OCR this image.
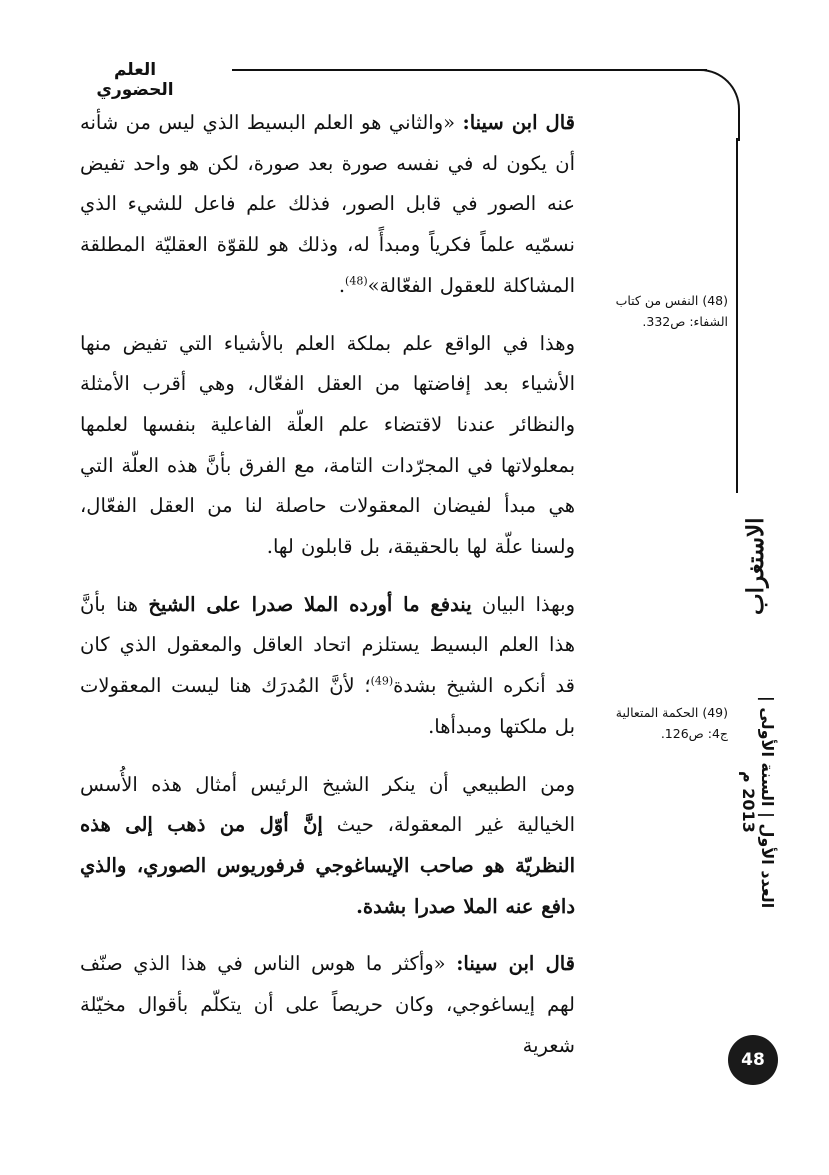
العلم الحضوري

قال ابن سينا: «والثاني هو العلم البسيط الذي ليس من شأنه أن يكون له في نفسه صورة بعد صورة، لكن هو واحد تفيض عنه الصور في قابل الصور، فذلك علم فاعل للشيء الذي نسمّيه علماً فكرياً ومبدأً له، وذلك هو للقوّة العقليّة المطلقة المشاكلة للعقول الفعّالة»$^{(48)}$.

وهذا في الواقع علم بملكة العلم بالأشياء التي تفيض منها الأشياء بعد إفاضتها من العقل الفعّال، وهي أقرب الأمثلة والنظائر عندنا لاقتضاء علم العلّة الفاعلية بنفسها لعلمها بمعلولاتها في المجرّدات التامة، مع الفرق بأنَّ هذه العلّة التي هي مبدأ لفيضان المعقولات حاصلة لنا من العقل الفعّال، ولسنا علّة لها بالحقيقة، بل قابلون لها.

وبهذا البيان يندفع ما أورده الملا صدرا على الشيخ هنا بأنَّ هذا العلم البسيط يستلزم اتحاد العاقل والمعقول الذي كان قد أنكره الشيخ بشدة$^{(49)}$؛ لأنَّ المُدرَك هنا ليست المعقولات بل ملكتها ومبدأها.

ومن الطبيعي أن ينكر الشيخ الرئيس أمثال هذه الأُسس الخيالية غير المعقولة، حيث إنَّ أوّل من ذهب إلى هذه النظريّة هو صاحب الإيساغوجي فرفوريوس الصوري، والذي دافع عنه الملا صدرا بشدة.

قال ابن سينا: «وأكثر ما هوس الناس في هذا الذي صنّف لهم إيساغوجي، وكان حريصاً على أن يتكلّم بأقوال مخيّلة شعرية

(48) النفس من كتاب الشفاء: ص332.
(49) الحكمة المتعالية ج4: ص126.
الاستغراب
العدد الأول | السنة الأولى | 2013 م
48
